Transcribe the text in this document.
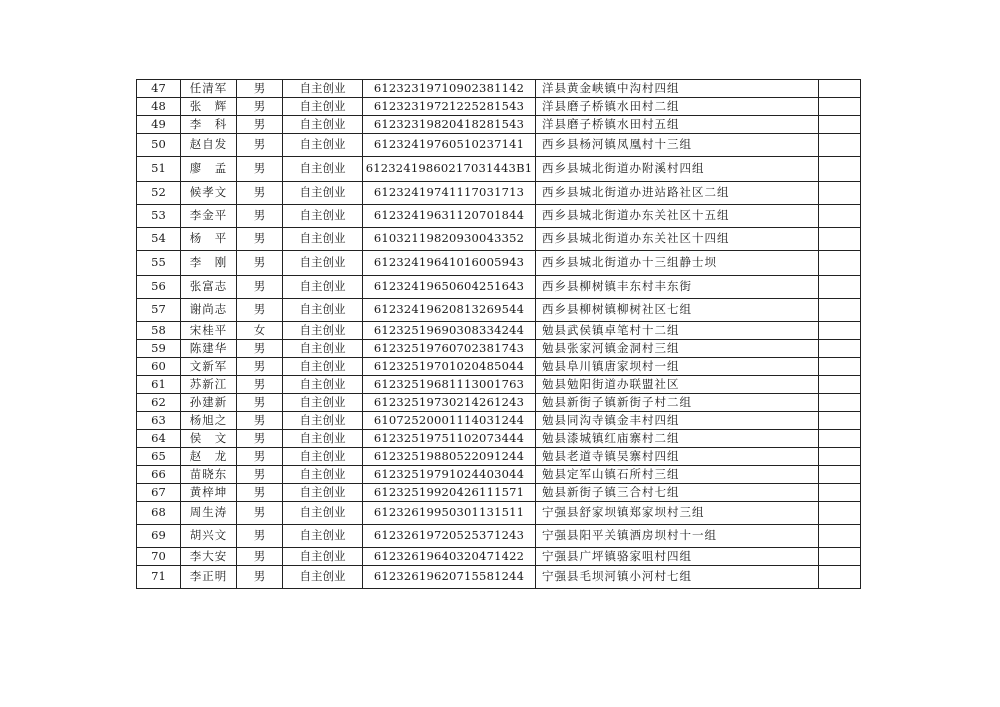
47	任清军	男	自主创业	61232319710902381142	洋县黄金峡镇中沟村四组	
48	张　辉	男	自主创业	61232319721225281543	洋县磨子桥镇水田村二组	
49	李　科	男	自主创业	61232319820418281543	洋县磨子桥镇水田村五组	
50	赵自发	男	自主创业	61232419760510237141	西乡县杨河镇凤凰村十三组	
51	廖　孟	男	自主创业	61232419860217031443B1	西乡县城北街道办附溪村四组	
52	候孝文	男	自主创业	61232419741117031713	西乡县城北街道办进站路社区二组	
53	李金平	男	自主创业	61232419631120701844	西乡县城北街道办东关社区十五组	
54	杨　平	男	自主创业	61032119820930043352	西乡县城北街道办东关社区十四组	
55	李　刚	男	自主创业	61232419641016005943	西乡县城北街道办十三组静士坝	
56	张富志	男	自主创业	61232419650604251643	西乡县柳树镇丰东村丰东街	
57	谢尚志	男	自主创业	61232419620813269544	西乡县柳树镇柳树社区七组	
58	宋桂平	女	自主创业	61232519690308334244	勉县武侯镇卓笔村十二组	
59	陈建华	男	自主创业	61232519760702381743	勉县张家河镇金洞村三组	
60	文新军	男	自主创业	61232519701020485044	勉县阜川镇唐家坝村一组	
61	苏新江	男	自主创业	61232519681113001763	勉县勉阳街道办联盟社区	
62	孙建新	男	自主创业	61232519730214261243	勉县新街子镇新街子村二组	
63	杨旭之	男	自主创业	61072520001114031244	勉县同沟寺镇金丰村四组	
64	侯　文	男	自主创业	61232519751102073444	勉县漆城镇红庙寨村二组	
65	赵　龙	男	自主创业	61232519880522091244	勉县老道寺镇吴寨村四组	
66	苗晓东	男	自主创业	61232519791024403044	勉县定军山镇石所村三组	
67	黄梓坤	男	自主创业	61232519920426111571	勉县新街子镇三合村七组	
68	周生涛	男	自主创业	61232619950301131511	宁强县舒家坝镇郑家坝村三组	
69	胡兴文	男	自主创业	61232619720525371243	宁强县阳平关镇酒房坝村十一组	
70	李大安	男	自主创业	61232619640320471422	宁强县广坪镇骆家咀村四组	
71	李正明	男	自主创业	61232619620715581244	宁强县毛坝河镇小河村七组	
